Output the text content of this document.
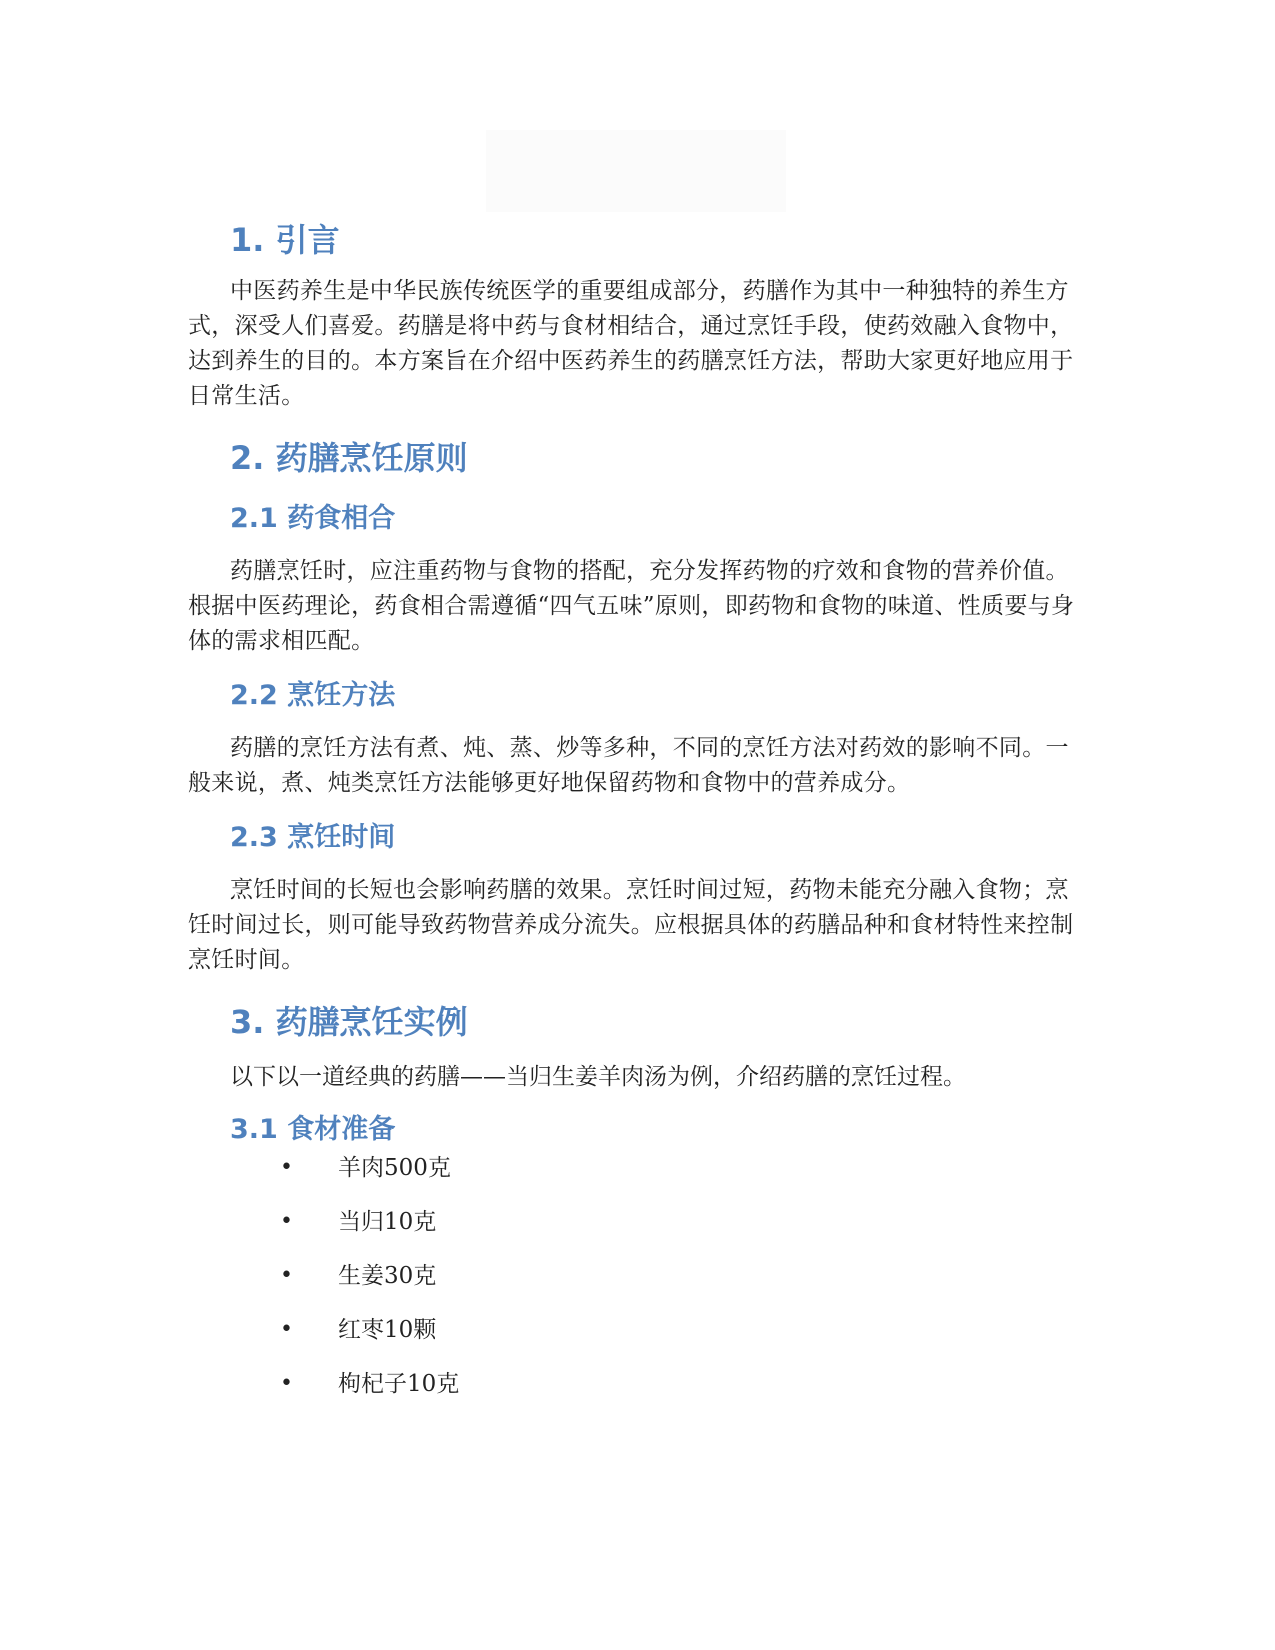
1. 引言

中医药养生是中华民族传统医学的重要组成部分，药膳作为其中一种独特的养生方式，深受人们喜爱。药膳是将中药与食材相结合，通过烹饪手段，使药效融入食物中，达到养生的目的。本方案旨在介绍中医药养生的药膳烹饪方法，帮助大家更好地应用于日常生活。

2. 药膳烹饪原则
2.1 药食相合

药膳烹饪时，应注重药物与食物的搭配，充分发挥药物的疗效和食物的营养价值。根据中医药理论，药食相合需遵循“四气五味”原则，即药物和食物的味道、性质要与身体的需求相匹配。

2.2 烹饪方法

药膳的烹饪方法有煮、炖、蒸、炒等多种，不同的烹饪方法对药效的影响不同。一般来说，煮、炖类烹饪方法能够更好地保留药物和食物中的营养成分。

2.3 烹饪时间

烹饪时间的长短也会影响药膳的效果。烹饪时间过短，药物未能充分融入食物；烹饪时间过长，则可能导致药物营养成分流失。应根据具体的药膳品种和食材特性来控制烹饪时间。

3. 药膳烹饪实例

以下以一道经典的药膳——当归生姜羊肉汤为例，介绍药膳的烹饪过程。

3.1 食材准备
• 羊肉500克
• 当归10克
• 生姜30克
• 红枣10颗
• 枸杞子10克
